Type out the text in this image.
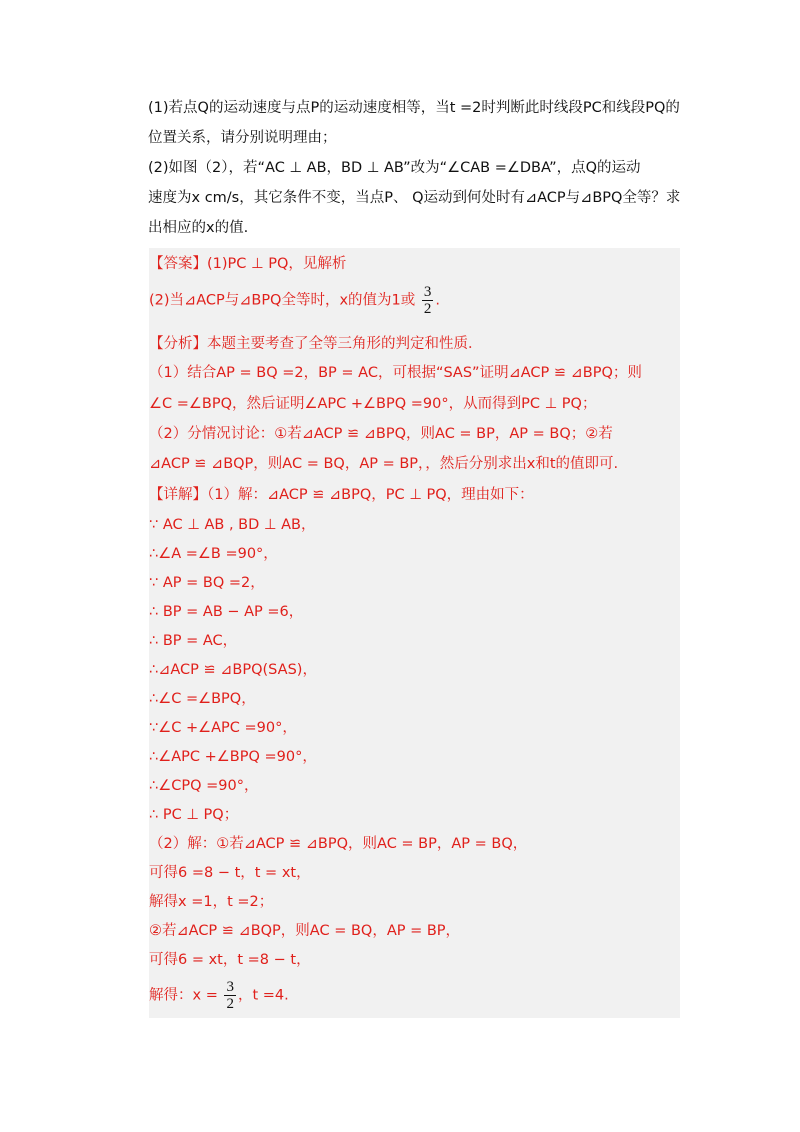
(1)若点Q的运动速度与点P的运动速度相等，当t =2时判断此时线段PC和线段PQ的
位置关系，请分别说明理由；
(2)如图（2），若“AC ⊥ AB，BD ⊥ AB”改为“∠CAB =∠DBA”，点Q的运动
速度为x cm/s，其它条件不变，当点P、 Q运动到何处时有⊿ACP与⊿BPQ全等？求
出相应的x的值.
【答案】(1)PC ⊥ PQ，见解析
(2)当⊿ACP与⊿BPQ全等时，x的值为1或 $\frac{3}{2}$ .
【分析】本题主要考查了全等三角形的判定和性质．
（1）结合AP = BQ =2，BP = AC，可根据“SAS”证明⊿ACP ≌ ⊿BPQ；则
∠C =∠BPQ，然后证明∠APC +∠BPQ =90°，从而得到PC ⊥ PQ；
（2）分情况讨论：①若⊿ACP ≌ ⊿BPQ，则AC = BP，AP = BQ；②若
⊿ACP ≌ ⊿BQP，则AC = BQ，AP = BP，，然后分别求出x和t的值即可.
【详解】（1）解：⊿ACP ≌ ⊿BPQ，PC ⊥ PQ，理由如下：
∵ AC ⊥ AB , BD ⊥ AB，
∴∠A =∠B =90°，
∵ AP = BQ =2，
∴ BP = AB − AP =6，
∴ BP = AC，
∴⊿ACP ≌ ⊿BPQ(SAS)，
∴∠C =∠BPQ，
∵∠C +∠APC =90°，
∴∠APC +∠BPQ =90°，
∴∠CPQ =90°，
∴ PC ⊥ PQ；
（2）解：①若⊿ACP ≌ ⊿BPQ，则AC = BP，AP = BQ，
可得6 =8 − t，t = xt，
解得x =1，t =2；
②若⊿ACP ≌ ⊿BQP，则AC = BQ，AP = BP，
可得6 = xt，t =8 − t，
解得：$x = \frac{3}{2}$ ，t =4.
